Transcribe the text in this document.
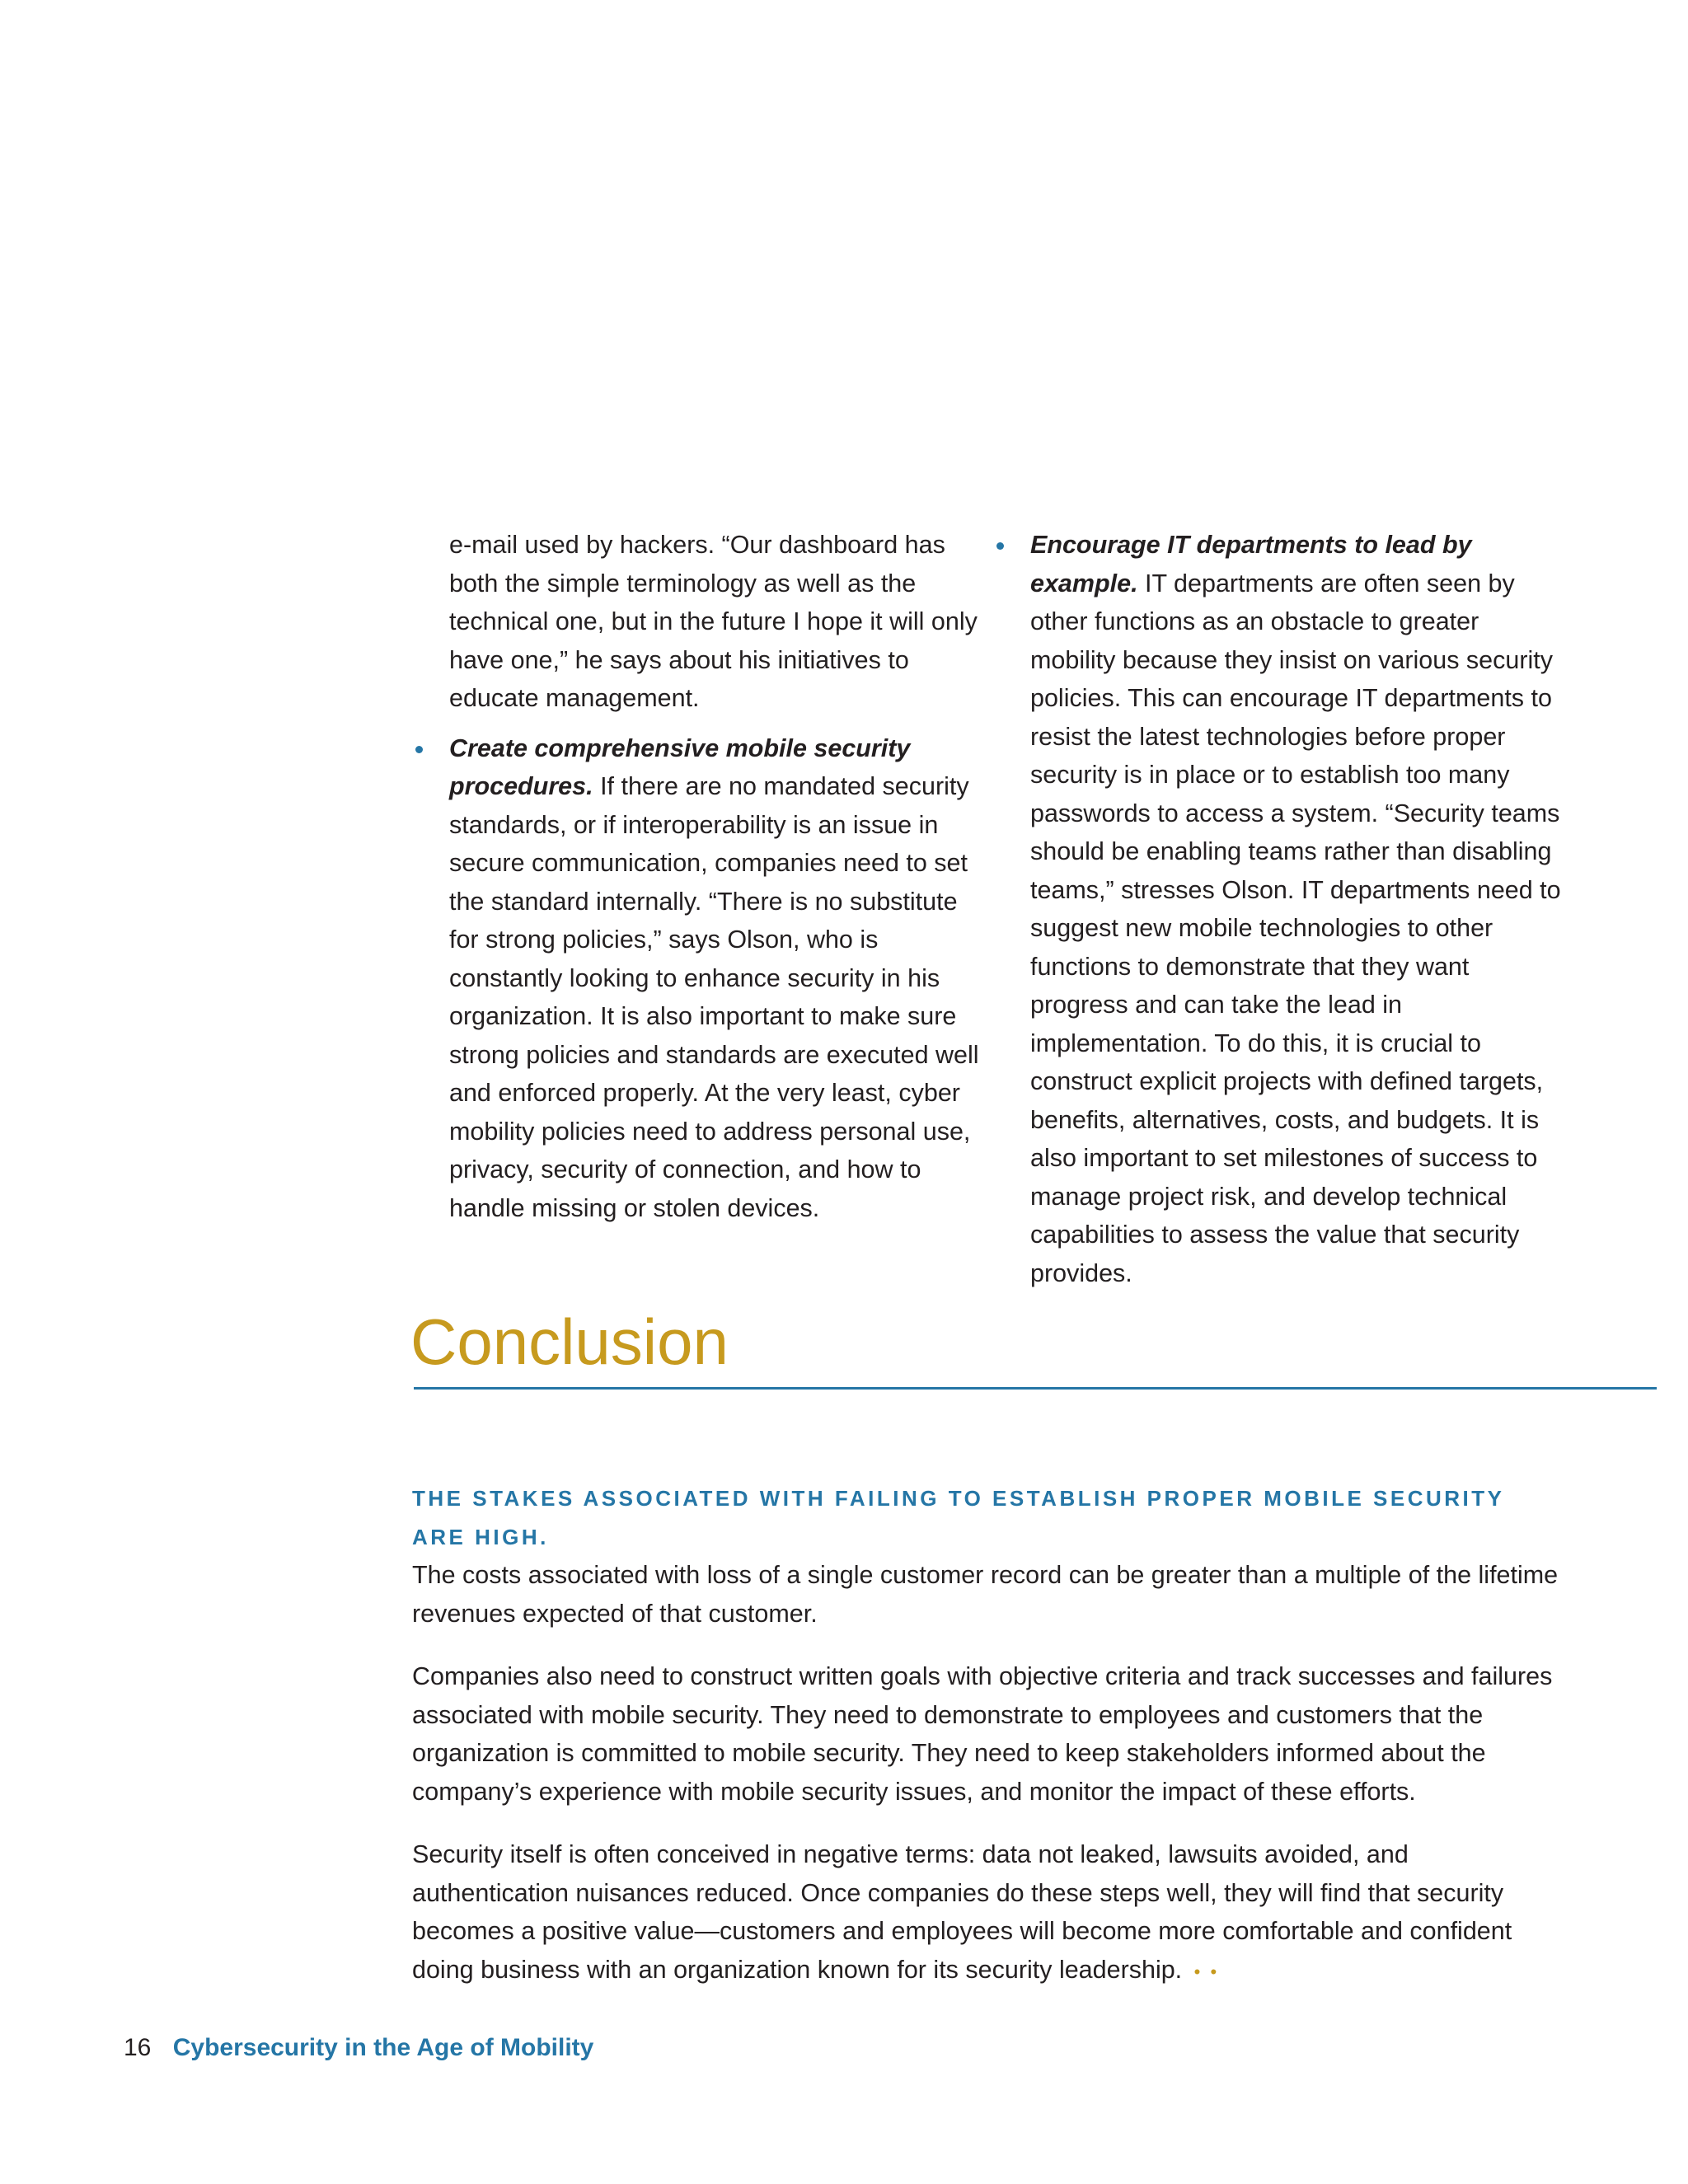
e-mail used by hackers. “Our dashboard has both the simple terminology as well as the technical one, but in the future I hope it will only have one,” he says about his initiatives to educate management.

Create comprehensive mobile security procedures. If there are no mandated security standards, or if interoperability is an issue in secure communication, companies need to set the standard internally. “There is no substitute for strong policies,” says Olson, who is constantly looking to enhance security in his organization. It is also important to make sure strong policies and standards are executed well and enforced properly. At the very least, cyber mobility policies need to address personal use, privacy, security of connection, and how to handle missing or stolen devices.
Encourage IT departments to lead by example. IT departments are often seen by other functions as an obstacle to greater mobility because they insist on various security policies. This can encourage IT departments to resist the latest technologies before proper security is in place or to establish too many passwords to access a system. “Security teams should be enabling teams rather than disabling teams,” stresses Olson. IT departments need to suggest new mobile technologies to other functions to demonstrate that they want progress and can take the lead in implementation. To do this, it is crucial to construct explicit projects with defined targets, benefits, alternatives, costs, and budgets. It is also important to set milestones of success to manage project risk, and develop technical capabilities to assess the value that security provides.
Conclusion

THE STAKES ASSOCIATED WITH FAILING TO ESTABLISH PROPER MOBILE SECURITY ARE HIGH.
The costs associated with loss of a single customer record can be greater than a multiple of the lifetime revenues expected of that customer.

Companies also need to construct written goals with objective criteria and track successes and failures associated with mobile security. They need to demonstrate to employees and customers that the organization is committed to mobile security. They need to keep stakeholders informed about the company’s experience with mobile security issues, and monitor the impact of these efforts.

Security itself is often conceived in negative terms: data not leaked, lawsuits avoided, and authentication nuisances reduced. Once companies do these steps well, they will find that security becomes a positive value—customers and employees will become more comfortable and confident doing business with an organization known for its security leadership. • •

16 Cybersecurity in the Age of Mobility
